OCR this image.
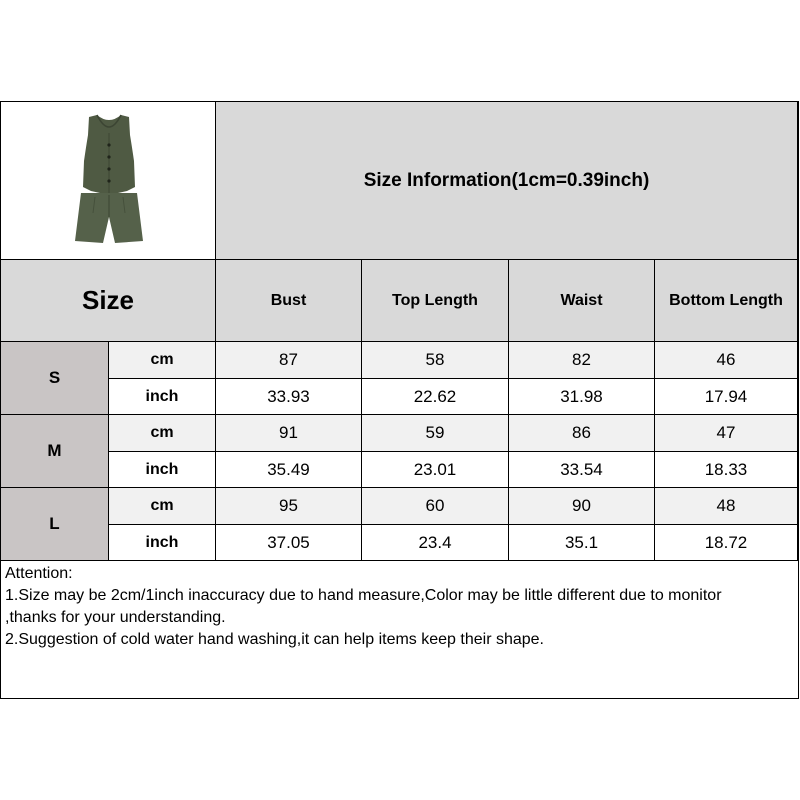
Size Information(1cm=0.39inch)
Size	Bust	Top Length	Waist	Bottom Length
S
cm	87	58	82	46
inch	33.93	22.62	31.98	17.94
M
cm	91	59	86	47
inch	35.49	23.01	33.54	18.33
L
cm	95	60	90	48
inch	37.05	23.4	35.1	18.72
Attention:
1.Size may be 2cm/1inch inaccuracy due to hand measure,Color may be little different due to monitor
,thanks for your understanding.
2.Suggestion of cold water hand washing,it can help items keep their shape.
